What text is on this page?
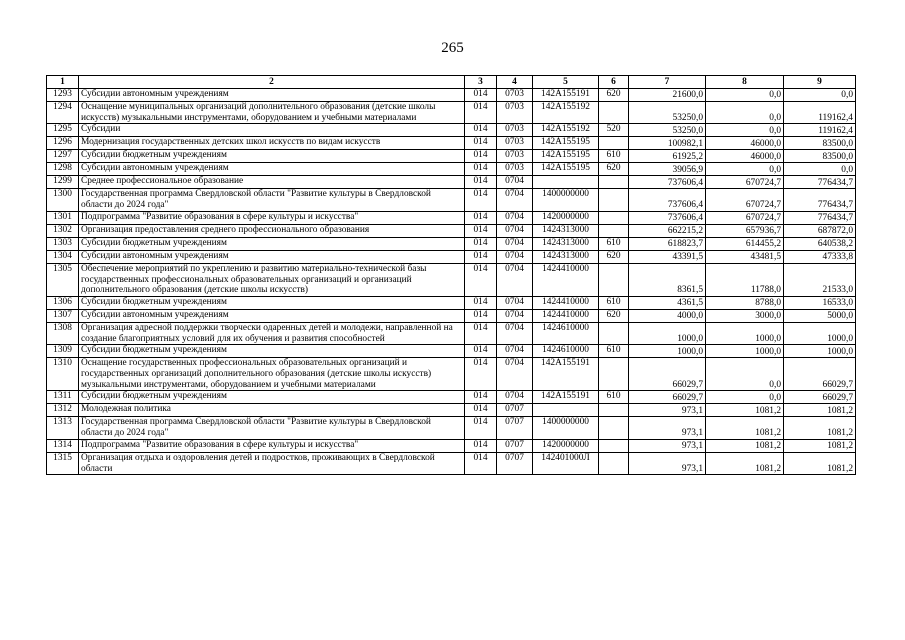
265
1	2	3	4	5	6	7	8	9
1293	Субсидии автономным учреждениям	014	0703	142A155191	620	21600,0	0,0	0,0
1294	Оснащение муниципальных организаций дополнительного образования (детские школы искусств) музыкальными инструментами, оборудованием и учебными материалами	014	0703	142A155192		53250,0	0,0	119162,4
1295	Субсидии	014	0703	142A155192	520	53250,0	0,0	119162,4
1296	Модернизация государственных детских школ искусств по видам искусств	014	0703	142A155195		100982,1	46000,0	83500,0
1297	Субсидии бюджетным учреждениям	014	0703	142A155195	610	61925,2	46000,0	83500,0
1298	Субсидии автономным учреждениям	014	0703	142A155195	620	39056,9	0,0	0,0
1299	Среднее профессиональное образование	014	0704			737606,4	670724,7	776434,7
1300	Государственная программа Свердловской области "Развитие культуры в Свердловской области до 2024 года"	014	0704	1400000000		737606,4	670724,7	776434,7
1301	Подпрограмма "Развитие образования в сфере культуры и искусства"	014	0704	1420000000		737606,4	670724,7	776434,7
1302	Организация предоставления среднего профессионального образования	014	0704	1424313000		662215,2	657936,7	687872,0
1303	Субсидии бюджетным учреждениям	014	0704	1424313000	610	618823,7	614455,2	640538,2
1304	Субсидии автономным учреждениям	014	0704	1424313000	620	43391,5	43481,5	47333,8
1305	Обеспечение мероприятий по укреплению и развитию материально-технической базы государственных профессиональных образовательных организаций и организаций дополнительного образования (детские школы искусств)	014	0704	1424410000		8361,5	11788,0	21533,0
1306	Субсидии бюджетным учреждениям	014	0704	1424410000	610	4361,5	8788,0	16533,0
1307	Субсидии автономным учреждениям	014	0704	1424410000	620	4000,0	3000,0	5000,0
1308	Организация адресной поддержки творчески одаренных детей и молодежи, направленной на создание благоприятных условий для их обучения и развития способностей	014	0704	1424610000		1000,0	1000,0	1000,0
1309	Субсидии бюджетным учреждениям	014	0704	1424610000	610	1000,0	1000,0	1000,0
1310	Оснащение государственных профессиональных образовательных организаций и государственных организаций дополнительного образования (детские школы искусств) музыкальными инструментами, оборудованием и учебными материалами	014	0704	142A155191		66029,7	0,0	66029,7
1311	Субсидии бюджетным учреждениям	014	0704	142A155191	610	66029,7	0,0	66029,7
1312	Молодежная политика	014	0707			973,1	1081,2	1081,2
1313	Государственная программа Свердловской области "Развитие культуры в Свердловской области до 2024 года"	014	0707	1400000000		973,1	1081,2	1081,2
1314	Подпрограмма "Развитие образования в сфере культуры и искусства"	014	0707	1420000000		973,1	1081,2	1081,2
1315	Организация отдыха и оздоровления детей и подростков, проживающих в Свердловской области	014	0707	142401000Л		973,1	1081,2	1081,2
